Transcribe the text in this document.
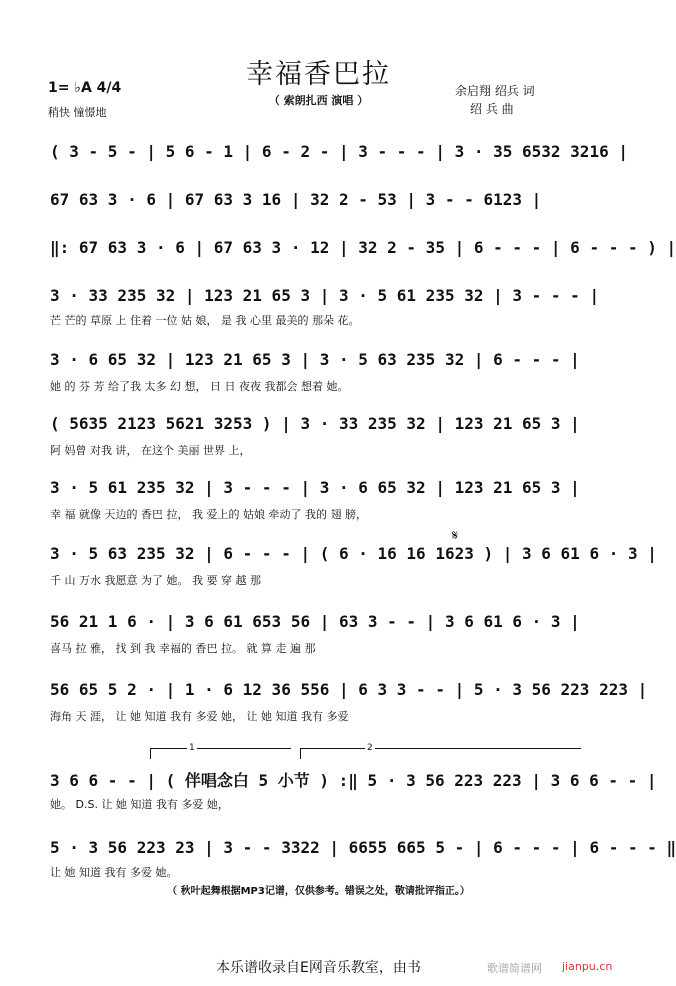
幸福香巴拉
（ 索朗扎西 演唱 ）
1= ♭A 4/4
稍快 憧憬地
余启翔 绍兵 词
绍 兵 曲
( 3 - 5 - | 5 6 - 1 | 6 - 2 - | 3 - - - | 3 · 35 6532 3216 |
67 63 3 · 6 | 67 63 3 16 | 32 2 - 53 | 3 - - 6123 |
‖: 67 63 3 · 6 | 67 63 3 · 12 | 32 2 - 35 | 6 - - - | 6 - - - ) |
3 · 33 235 32 | 123 21 65 3 | 3 · 5 61 235 32 | 3 - - - |
芒 芒的 草原 上 住着 一位 姑 娘， 是 我 心里 最美的 那朵 花。
3 · 6 65 32 | 123 21 65 3 | 3 · 5 63 235 32 | 6 - - - |
她 的 芬 芳 给了我 太多 幻 想， 日 日 夜夜 我都会 想着 她。
( 5635 2123 5621 3253 ) | 3 · 33 235 32 | 123 21 65 3 |
阿 妈曾 对我 讲， 在这个 美丽 世界 上，
3 · 5 61 235 32 | 3 - - - | 3 · 6 65 32 | 123 21 65 3 |
幸 福 就像 天边的 香巴 拉， 我 爱上的 姑娘 牵动了 我的 翅 膀，
3 · 5 63 235 32 | 6 - - - | ( 6 · 16 16 1623 ) | 3 6 61 6 · 3 |
千 山 万水 我愿意 为了 她。 我 要 穿 越 那
56 21 1 6 · | 3 6 61 653 56 | 63 3 - - | 3 6 61 6 · 3 |
喜马 拉 雅， 找 到 我 幸福的 香巴 拉。 就 算 走 遍 那
56 65 5 2 · | 1 · 6 12 36 556 | 6 3 3 - - | 5 · 3 56 223 223 |
海角 天 涯， 让 她 知道 我有 多爱 她， 让 她 知道 我有 多爱
3 6 6 - - | ( 伴唱念白 5 小节 ) :‖ 5 · 3 56 223 223 | 3 6 6 - - |
她。 D.S. 让 她 知道 我有 多爱 她，
5 · 3 56 223 23 | 3 - - 3322 | 6655 665 5 - | 6 - - - | 6 - - - ‖
让 她 知道 我有 多爱 她。
1	2
𝄋
（ 秋叶起舞根据MP3记谱，仅供参考。错误之处，敬请批评指正。）
本乐谱收录自E网音乐教室，由书	歌谱简谱网 jianpu.cn
